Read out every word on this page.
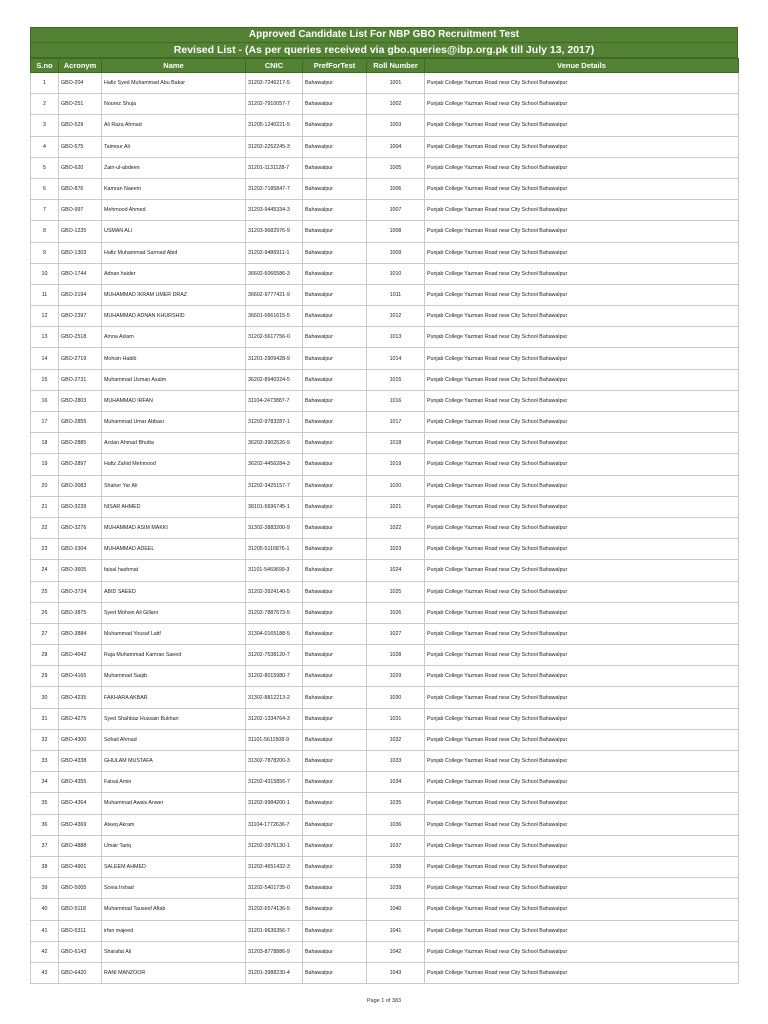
Approved Candidate List For NBP GBO Recruitment Test
Revised List - (As per queries received via gbo.queries@ibp.org.pk till July 13, 2017)
S.no	Acronym	Name	CNIC	PrefForTest	Roll Number	Venue Details
1	GBO-204	Hafiz Syed Muhammad Abu Bakar	31202-7246217-5	Bahawalpur	1001	Punjab College Yazman Road near City School Bahawalpur
2	GBO-251	Nourez Shuja	31202-7910057-7	Bahawalpur	1002	Punjab College Yazman Road near City School Bahawalpur
3	GBO-529	Ali Raza Ahmad	31205-1240221-5	Bahawalpur	1003	Punjab College Yazman Road near City School Bahawalpur
4	GBO-575	Taimour Ali	31202-2252245-3	Bahawalpur	1004	Punjab College Yazman Road near City School Bahawalpur
5	GBO-620	Zain-ul-abdeen	31201-1131128-7	Bahawalpur	1005	Punjab College Yazman Road near City School Bahawalpur
6	GBO-876	Kamran Naeem	31202-7185847-7	Bahawalpur	1006	Punjab College Yazman Road near City School Bahawalpur
7	GBO-997	Mehmood Ahmed	31203-9445334-3	Bahawalpur	1007	Punjab College Yazman Road near City School Bahawalpur
8	GBO-1235	USMAN ALI	31203-9682976-9	Bahawalpur	1008	Punjab College Yazman Road near City School Bahawalpur
9	GBO-1303	Hafiz Muhammad Sarmad Abid	31202-9486911-1	Bahawalpur	1009	Punjab College Yazman Road near City School Bahawalpur
10	GBO-1744	Adnan haider	36602-6066586-3	Bahawalpur	1010	Punjab College Yazman Road near City School Bahawalpur
11	GBO-2194	MUHAMMAD IKRAM UMER DRAZ	36602-9777421-9	Bahawalpur	1011	Punjab College Yazman Road near City School Bahawalpur
12	GBO-2397	MUHAMMAD ADNAN KHURSHID	36601-0661615-5	Bahawalpur	1012	Punjab College Yazman Road near City School Bahawalpur
13	GBO-2518	Amna Aslam	31202-5617756-0	Bahawalpur	1013	Punjab College Yazman Road near City School Bahawalpur
14	GBO-2719	Mohsin Habib	31201-2909428-9	Bahawalpur	1014	Punjab College Yazman Road near City School Bahawalpur
15	GBO-2731	Muhammad Usman Asalm	36202-8940324-5	Bahawalpur	1015	Punjab College Yazman Road near City School Bahawalpur
16	GBO-2803	MUHAMMAD IRFAN	31104-2473887-7	Bahawalpur	1016	Punjab College Yazman Road near City School Bahawalpur
17	GBO-2855	Muhammad Umar Abbasi	31202-9783287-1	Bahawalpur	1017	Punjab College Yazman Road near City School Bahawalpur
18	GBO-2885	Arslan Ahmad Bhutta	36202-3902526-9	Bahawalpur	1018	Punjab College Yazman Road near City School Bahawalpur
19	GBO-2897	Hafiz Zahid Mehmood	36202-4456284-3	Bahawalpur	1019	Punjab College Yazman Road near City School Bahawalpur
20	GBO-3083	Shaher Yar Ali	31202-3425157-7	Bahawalpur	1020	Punjab College Yazman Road near City School Bahawalpur
21	GBO-3239	NISAR AHMED	38101-5696745-1	Bahawalpur	1021	Punjab College Yazman Road near City School Bahawalpur
22	GBO-3276	MUHAMMAD ASIM MAKKI	31302-3883200-9	Bahawalpur	1022	Punjab College Yazman Road near City School Bahawalpur
23	GBO-3304	MUHAMMAD ADEEL	31205-5116876-1	Bahawalpur	1023	Punjab College Yazman Road near City School Bahawalpur
24	GBO-3605	faisal hashmat	31101-5469699-3	Bahawalpur	1024	Punjab College Yazman Road near City School Bahawalpur
25	GBO-3724	ABID SAEED	31202-3924140-5	Bahawalpur	1025	Punjab College Yazman Road near City School Bahawalpur
26	GBO-3875	Syed Mohsin Ali Gillani	31202-7887673-5	Bahawalpur	1026	Punjab College Yazman Road near City School Bahawalpur
27	GBO-3884	Muhammad Yousaf Latif	31304-0165188-5	Bahawalpur	1027	Punjab College Yazman Road near City School Bahawalpur
28	GBO-4042	Raja Muhammad Kamran Saeed	31202-7538120-7	Bahawalpur	1028	Punjab College Yazman Road near City School Bahawalpur
29	GBO-4165	Muhammad Saqib	31202-8015980-7	Bahawalpur	1029	Punjab College Yazman Road near City School Bahawalpur
30	GBO-4235	FAKHARA AKBAR	31302-8812213-2	Bahawalpur	1030	Punjab College Yazman Road near City School Bahawalpur
31	GBO-4275	Syed Shahbaz Hussain Bukhari	31202-1334764-3	Bahawalpur	1031	Punjab College Yazman Road near City School Bahawalpur
32	GBO-4300	Sohail Ahmad	31101-5611508-9	Bahawalpur	1032	Punjab College Yazman Road near City School Bahawalpur
33	GBO-4338	GHULAM MUSTAFA	31302-7878200-3	Bahawalpur	1033	Punjab College Yazman Road near City School Bahawalpur
34	GBO-4355	Faisal Amin	31202-4315856-7	Bahawalpur	1034	Punjab College Yazman Road near City School Bahawalpur
35	GBO-4364	Muhammad Awais Anwer	31202-9984200-1	Bahawalpur	1035	Punjab College Yazman Road near City School Bahawalpur
36	GBO-4369	Ateeq Akram	31104-1772636-7	Bahawalpur	1036	Punjab College Yazman Road near City School Bahawalpur
37	GBO-4888	Umair Tariq	31202-3976130-1	Bahawalpur	1037	Punjab College Yazman Road near City School Bahawalpur
38	GBO-4901	SALEEM AHMED	31202-4651432-3	Bahawalpur	1038	Punjab College Yazman Road near City School Bahawalpur
39	GBO-5005	Sonia Irshad	31202-5401735-0	Bahawalpur	1039	Punjab College Yazman Road near City School Bahawalpur
40	GBO-5118	Muhammad Tauseef Aftab	31202-6574136-5	Bahawalpur	1040	Punjab College Yazman Road near City School Bahawalpur
41	GBO-5311	irfan majeed	31201-9636356-7	Bahawalpur	1041	Punjab College Yazman Road near City School Bahawalpur
42	GBO-6143	Sharafat Ali	31203-8778886-9	Bahawalpur	1042	Punjab College Yazman Road near City School Bahawalpur
43	GBO-6420	RANI MANZOOR	31201-3988230-4	Bahawalpur	1043	Punjab College Yazman Road near City School Bahawalpur
Page 1 of 383
